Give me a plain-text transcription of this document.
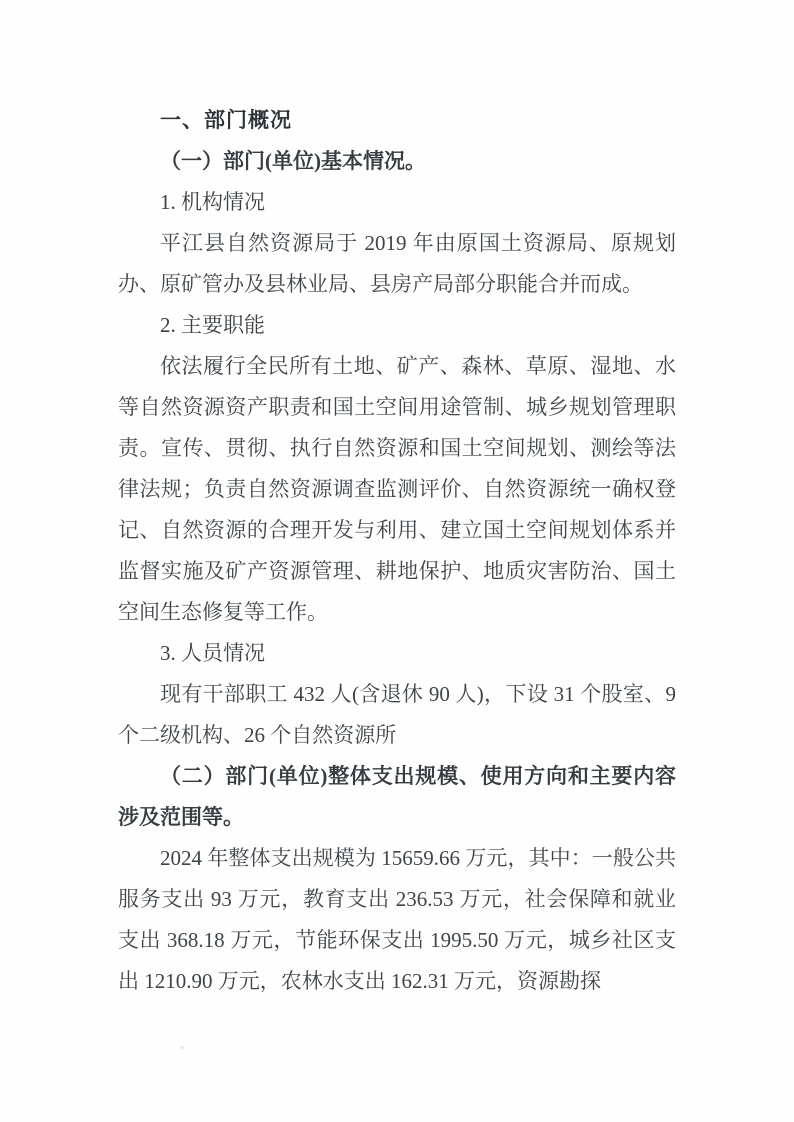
一、部门概况
（一）部门(单位)基本情况。
1. 机构情况

平江县自然资源局于 2019 年由原国土资源局、原规划办、原矿管办及县林业局、县房产局部分职能合并而成。

2. 主要职能

依法履行全民所有土地、矿产、森林、草原、湿地、水等自然资源资产职责和国土空间用途管制、城乡规划管理职责。宣传、贯彻、执行自然资源和国土空间规划、测绘等法律法规；负责自然资源调查监测评价、自然资源统一确权登记、自然资源的合理开发与利用、建立国土空间规划体系并监督实施及矿产资源管理、耕地保护、地质灾害防治、国土空间生态修复等工作。

3. 人员情况

现有干部职工 432 人(含退休 90 人)，下设 31 个股室、9 个二级机构、26 个自然资源所

（二）部门(单位)整体支出规模、使用方向和主要内容涉及范围等。

2024 年整体支出规模为 15659.66 万元，其中：一般公共服务支出 93 万元，教育支出 236.53 万元，社会保障和就业支出 368.18 万元，节能环保支出 1995.50 万元，城乡社区支出 1210.90 万元，农林水支出 162.31 万元，资源勘探
